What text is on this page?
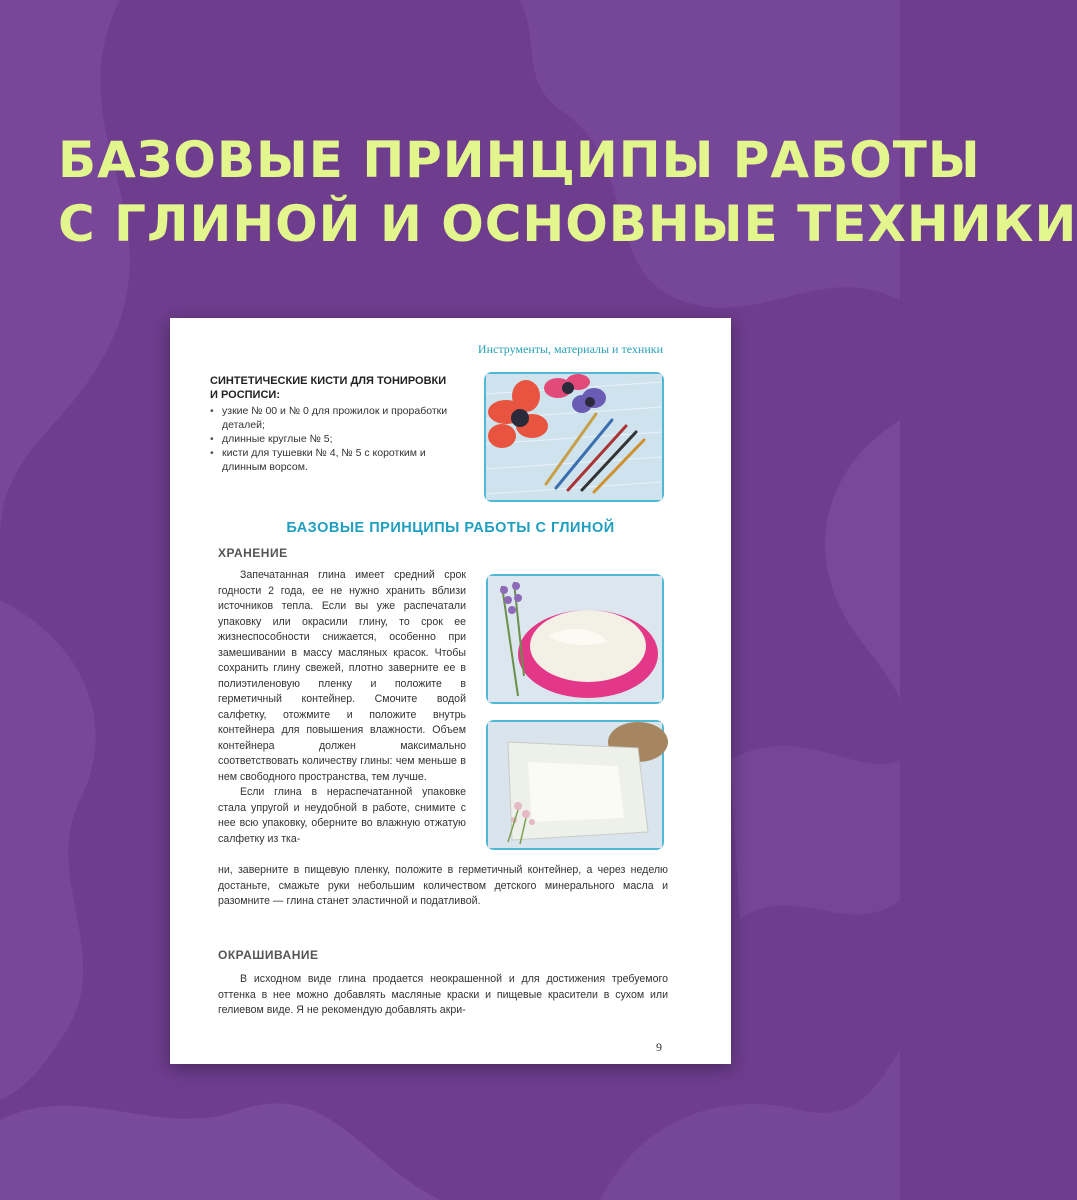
БАЗОВЫЕ ПРИНЦИПЫ РАБОТЫ
С ГЛИНОЙ И ОСНОВНЫЕ ТЕХНИКИ
Инструменты, материалы и техники
СИНТЕТИЧЕСКИЕ КИСТИ ДЛЯ ТОНИРОВКИ И РОСПИСИ:
• узкие № 00 и № 0 для прожилок и проработки деталей;
• длинные круглые № 5;
• кисти для тушевки № 4, № 5 с коротким и длинным ворсом.
БАЗОВЫЕ ПРИНЦИПЫ РАБОТЫ С ГЛИНОЙ
ХРАНЕНИЕ

Запечатанная глина имеет средний срок годности 2 года, ее не нужно хранить вблизи источников тепла. Если вы уже распечатали упаковку или окрасили глину, то срок ее жизнеспособности снижается, особенно при замешивании в массу масляных красок. Чтобы сохранить глину свежей, плотно заверните ее в полиэтиленовую пленку и положите в герметичный контейнер. Смочите водой салфетку, отожмите и положите внутрь контейнера для повышения влажности. Объем контейнера должен максимально соответствовать количеству глины: чем меньше в нем свободного пространства, тем лучше.

Если глина в нераспечатанной упаковке стала упругой и неудобной в работе, снимите с нее всю упаковку, оберните во влажную отжатую салфетку из тка-

ни, заверните в пищевую пленку, положите в герметичный контейнер, а через неделю достаньте, смажьте руки небольшим количеством детского минерального масла и разомните — глина станет эластичной и податливой.
ОКРАШИВАНИЕ

В исходном виде глина продается неокрашенной и для достижения требуемого оттенка в нее можно добавлять масляные краски и пищевые красители в сухом или гелиевом виде. Я не рекомендую добавлять акри-

9
